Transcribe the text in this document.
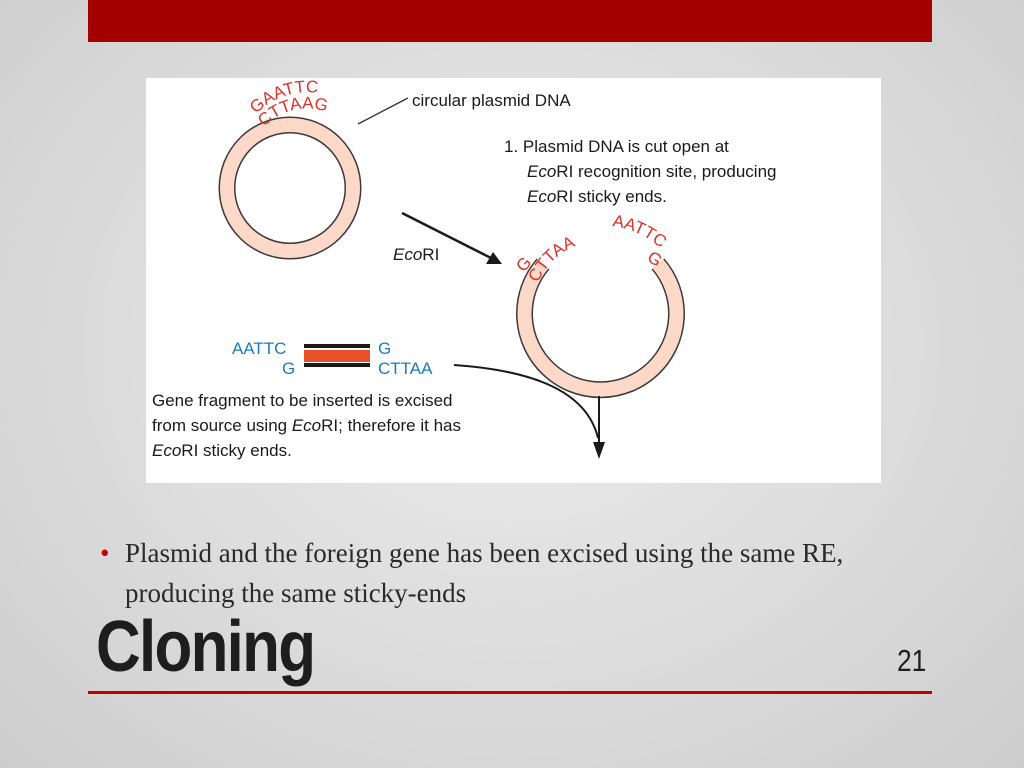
GAATTC
CTTAAG	circular plasmid DNA
1. Plasmid DNA is cut open at
EcoRI recognition site, producing
EcoRI sticky ends.
EcoRI	G
CTTAA
AATTC
G
AATTC
G
G
CTTAA
Gene fragment to be inserted is excised
from source using EcoRI; therefore it has
EcoRI sticky ends.
• Plasmid and the foreign gene has been excised using the same RE, producing the same sticky-ends
Cloning	21
